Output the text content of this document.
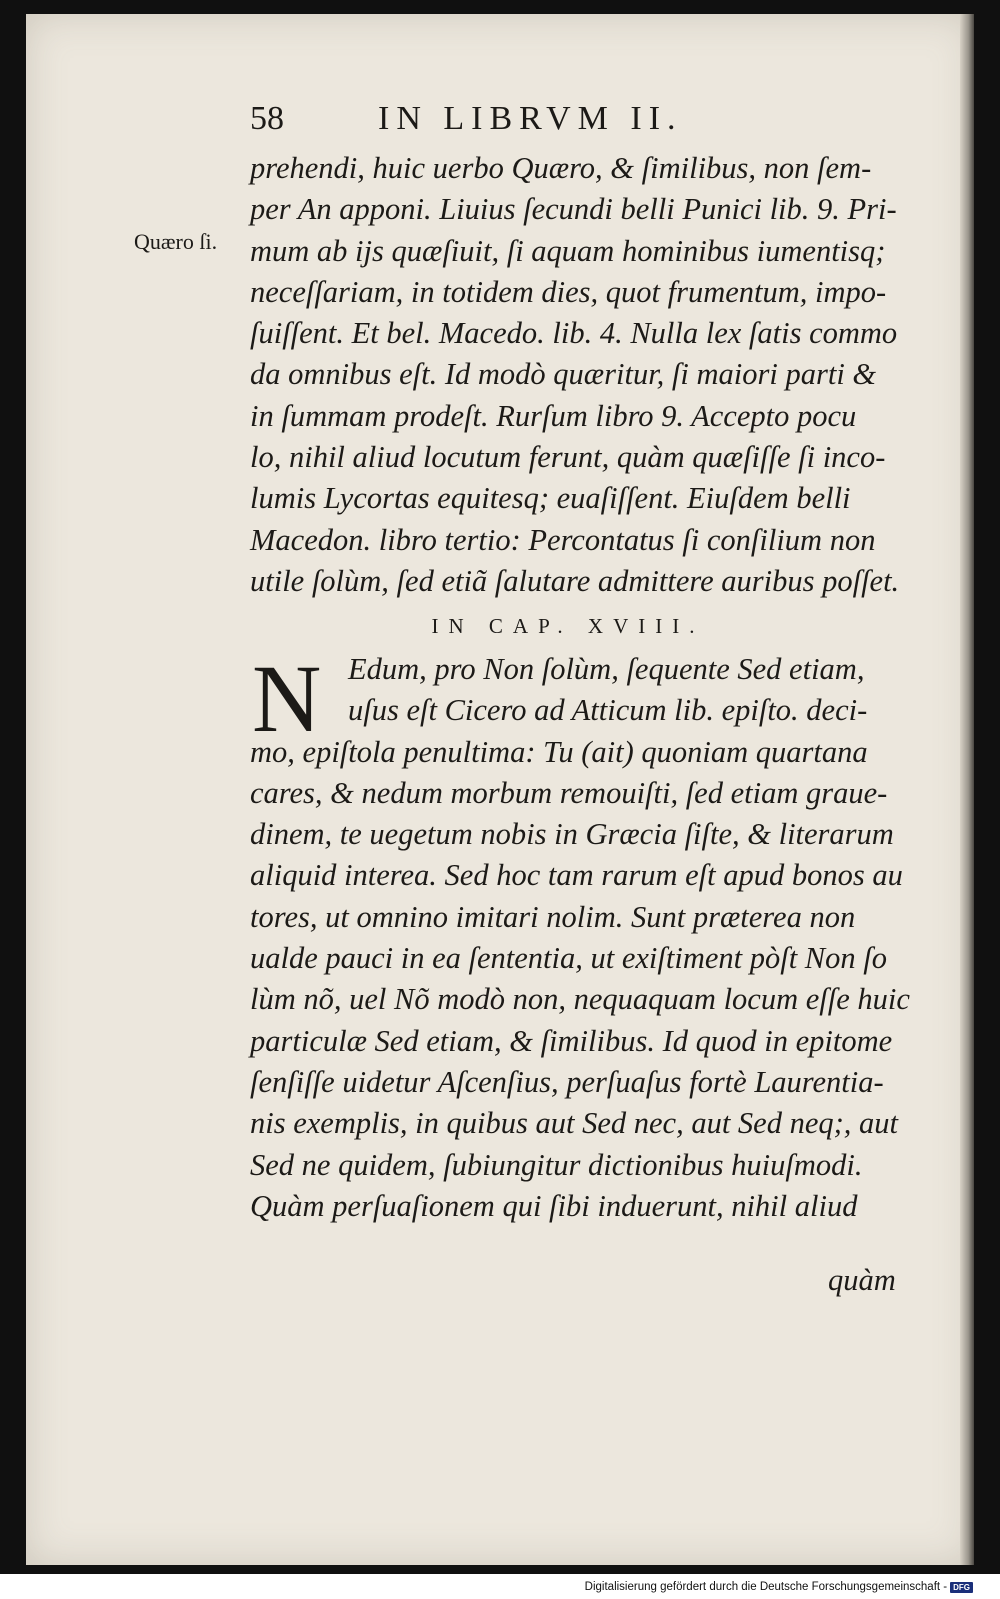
58	IN LIBRVM II.
Quæro ſi.
prehendi, huic uerbo Quæro, & ſimilibus, non ſem-
per An apponi. Liuius ſecundi belli Punici lib. 9. Pri-
mum ab ijs quæſiuit, ſi aquam hominibus iumentisq;
neceſſariam, in totidem dies, quot frumentum, impo-
ſuiſſent. Et bel. Macedo. lib. 4. Nulla lex ſatis commo
da omnibus eſt. Id modò quæritur, ſi maiori parti &
in ſummam prodeſt. Rurſum libro 9. Accepto pocu
lo, nihil aliud locutum ferunt, quàm quæſiſſe ſi inco-
lumis Lycortas equitesq; euaſiſſent. Eiuſdem belli
Macedon. libro tertio: Percontatus ſi conſilium non
utile ſolùm, ſed etiã ſalutare admittere auribus poſſet.
IN CAP. XVIII.
N Edum, pro Non ſolùm, ſequente Sed etiam,
uſus eſt Cicero ad Atticum lib. epiſto. deci-
mo, epiſtola penultima: Tu (ait) quoniam quartana
cares, & nedum morbum remouiſti, ſed etiam graue-
dinem, te uegetum nobis in Græcia ſiſte, & literarum
aliquid interea. Sed hoc tam rarum eſt apud bonos au
tores, ut omnino imitari nolim. Sunt præterea non
ualde pauci in ea ſententia, ut exiſtiment pòſt Non ſo
lùm nõ, uel Nõ modò non, nequaquam locum eſſe huic
particulæ Sed etiam, & ſimilibus. Id quod in epitome
ſenſiſſe uidetur Aſcenſius, perſuaſus fortè Laurentia-
nis exemplis, in quibus aut Sed nec, aut Sed neq;, aut
Sed ne quidem, ſubiungitur dictionibus huiuſmodi.
Quàm perſuaſionem qui ſibi induerunt, nihil aliud
quàm
Digitalisierung gefördert durch die Deutsche Forschungsgemeinschaft - DFG
